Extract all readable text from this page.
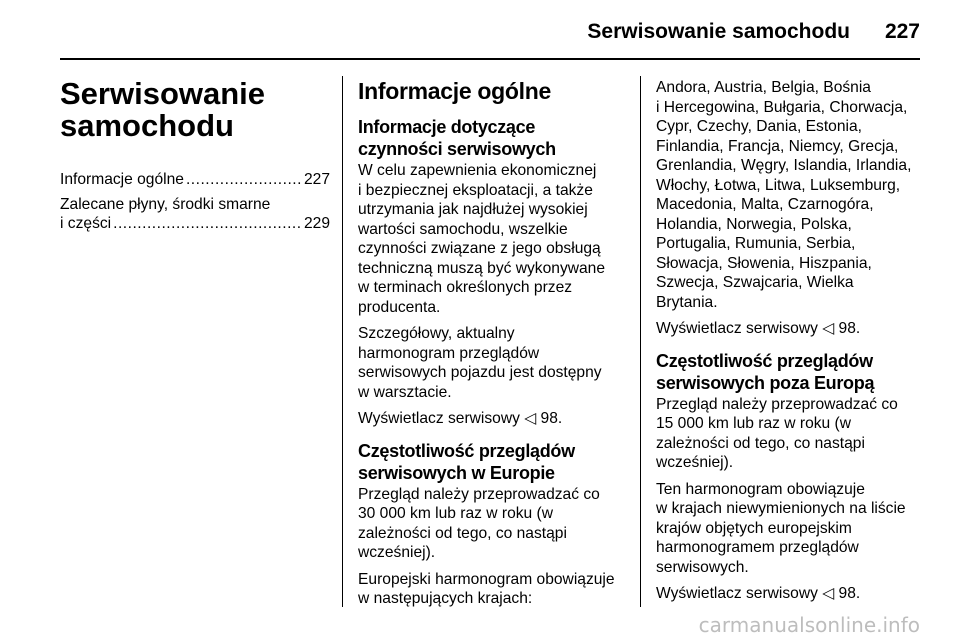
Serwisowanie samochodu	227
Serwisowanie
samochodu
Informacje ogólne .....	227
Zalecane płyny, środki smarne
i części .....	229
Informacje ogólne
Informacje dotyczące
czynności serwisowych
W celu zapewnienia ekonomicznej
i bezpiecznej eksploatacji, a także
utrzymania jak najdłużej wysokiej
wartości samochodu, wszelkie
czynności związane z jego obsługą
techniczną muszą być wykonywane
w terminach określonych przez
producenta.
Szczegółowy, aktualny
harmonogram przeglądów
serwisowych pojazdu jest dostępny
w warsztacie.
Wyświetlacz serwisowy ◁ 98.
Częstotliwość przeglądów
serwisowych w Europie
Przegląd należy przeprowadzać co
30 000 km lub raz w roku (w
zależności od tego, co nastąpi
wcześniej).
Europejski harmonogram obowiązuje
w następujących krajach:
Andora, Austria, Belgia, Bośnia
i Hercegowina, Bułgaria, Chorwacja,
Cypr, Czechy, Dania, Estonia,
Finlandia, Francja, Niemcy, Grecja,
Grenlandia, Węgry, Islandia, Irlandia,
Włochy, Łotwa, Litwa, Luksemburg,
Macedonia, Malta, Czarnogóra,
Holandia, Norwegia, Polska,
Portugalia, Rumunia, Serbia,
Słowacja, Słowenia, Hiszpania,
Szwecja, Szwajcaria, Wielka
Brytania.
Wyświetlacz serwisowy ◁ 98.
Częstotliwość przeglądów
serwisowych poza Europą
Przegląd należy przeprowadzać co
15 000 km lub raz w roku (w
zależności od tego, co nastąpi
wcześniej).
Ten harmonogram obowiązuje
w krajach niewymienionych na liście
krajów objętych europejskim
harmonogramem przeglądów
serwisowych.
Wyświetlacz serwisowy ◁ 98.
carmanualsonline.info
